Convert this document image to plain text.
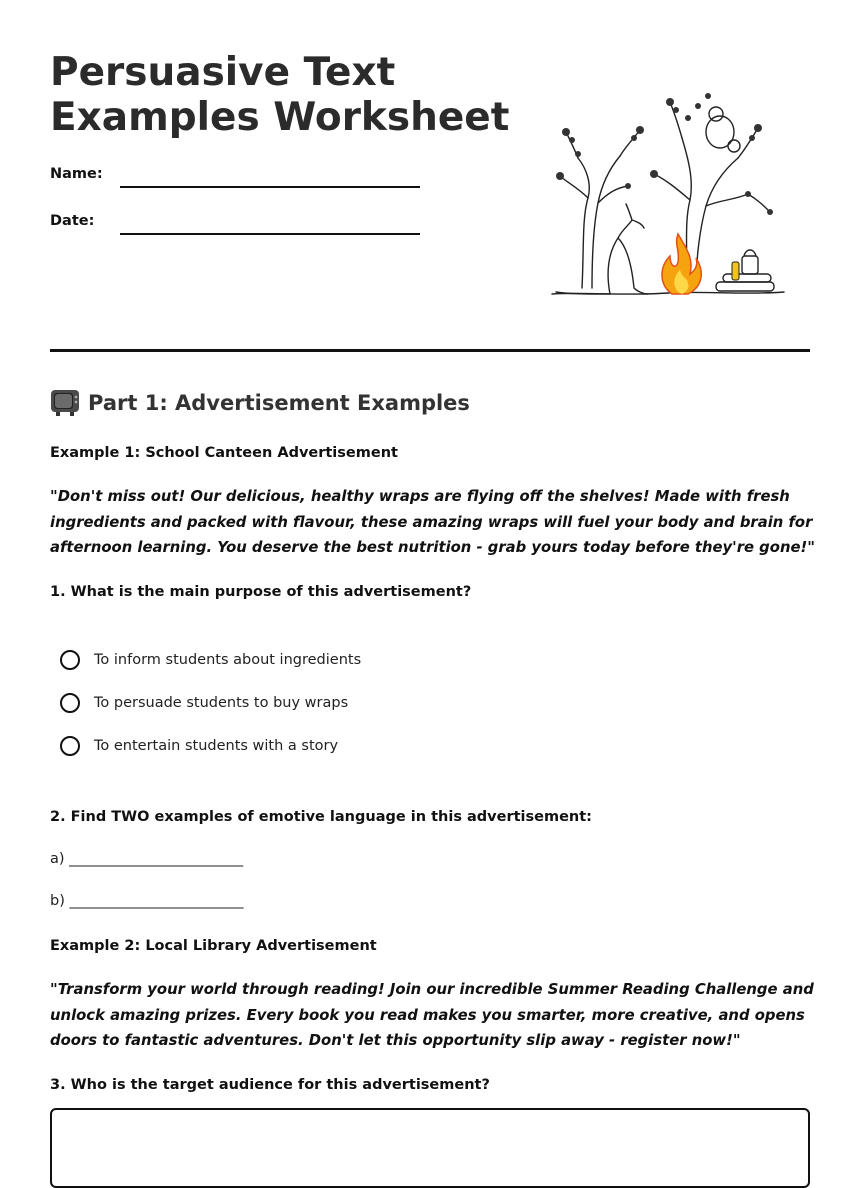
Persuasive Text
Examples Worksheet
Name:
Date:
Part 1: Advertisement Examples

Example 1: School Canteen Advertisement

"Don't miss out! Our delicious, healthy wraps are flying off the shelves! Made with fresh ingredients and packed with flavour, these amazing wraps will fuel your body and brain for afternoon learning. You deserve the best nutrition - grab yours today before they're gone!"

1. What is the main purpose of this advertisement?

To inform students about ingredients
To persuade students to buy wraps
To entertain students with a story

2. Find TWO examples of emotive language in this advertisement:

a) ________________________
b) ________________________

Example 2: Local Library Advertisement

"Transform your world through reading! Join our incredible Summer Reading Challenge and unlock amazing prizes. Every book you read makes you smarter, more creative, and opens doors to fantastic adventures. Don't let this opportunity slip away - register now!"

3. Who is the target audience for this advertisement?
